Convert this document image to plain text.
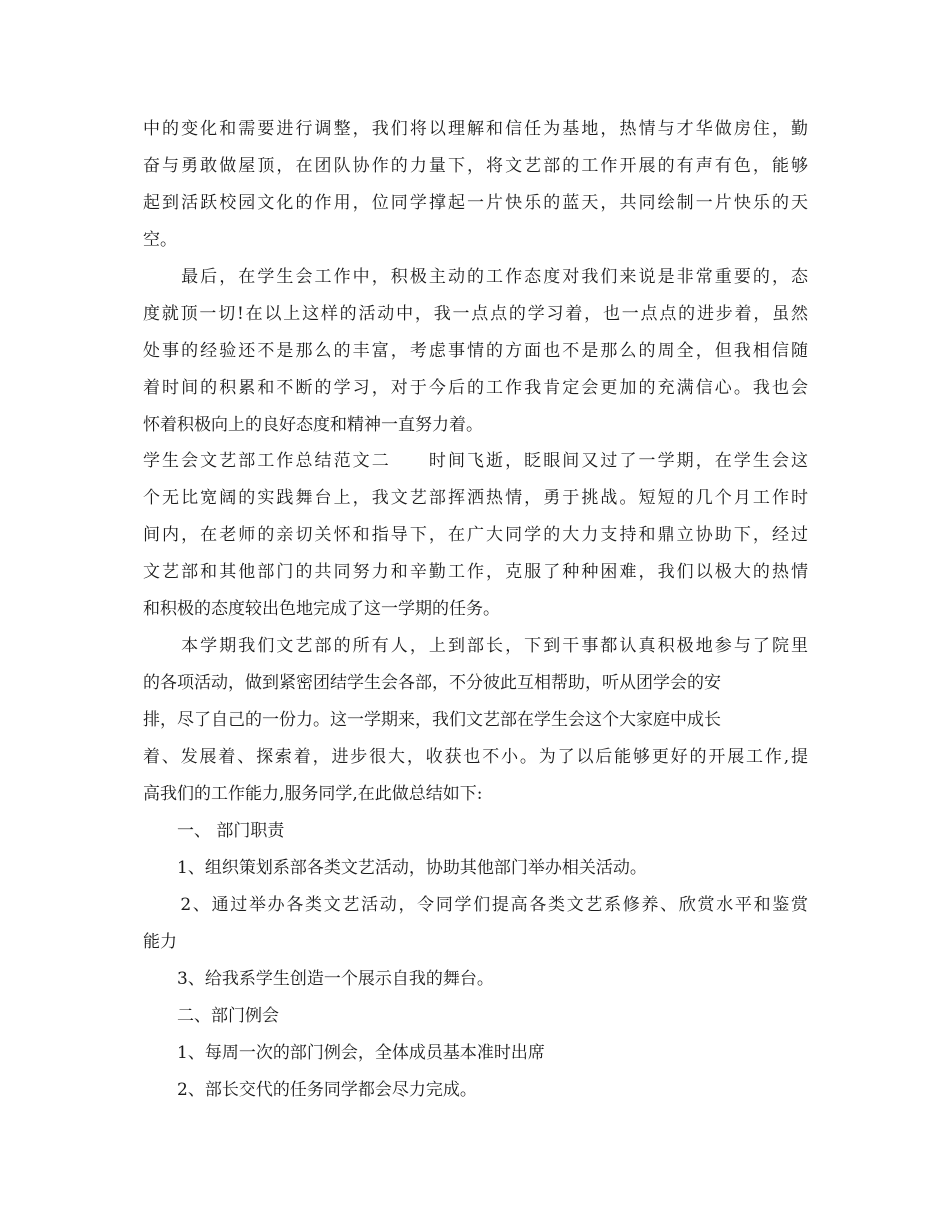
中的变化和需要进行调整，我们将以理解和信任为基地，热情与才华做房住，勤
奋与勇敢做屋顶，在团队协作的力量下，将文艺部的工作开展的有声有色，能够
起到活跃校园文化的作用，位同学撑起一片快乐的蓝天，共同绘制一片快乐的天
空。
　　最后，在学生会工作中，积极主动的工作态度对我们来说是非常重要的，态
度就顶一切!在以上这样的活动中，我一点点的学习着，也一点点的进步着，虽然
处事的经验还不是那么的丰富，考虑事情的方面也不是那么的周全，但我相信随
着时间的积累和不断的学习，对于今后的工作我肯定会更加的充满信心。我也会
怀着积极向上的良好态度和精神一直努力着。
学生会文艺部工作总结范文二　　时间飞逝，眨眼间又过了一学期，在学生会这
个无比宽阔的实践舞台上，我文艺部挥洒热情，勇于挑战。短短的几个月工作时
间内，在老师的亲切关怀和指导下，在广大同学的大力支持和鼎立协助下，经过
文艺部和其他部门的共同努力和辛勤工作，克服了种种困难，我们以极大的热情
和积极的态度较出色地完成了这一学期的任务。
　　本学期我们文艺部的所有人，上到部长，下到干事都认真积极地参与了院里
的各项活动，做到紧密团结学生会各部，不分彼此互相帮助，听从团学会的安
排，尽了自己的一份力。这一学期来，我们文艺部在学生会这个大家庭中成长
着、发展着、探索着，进步很大，收获也不小。为了以后能够更好的开展工作,提
高我们的工作能力,服务同学,在此做总结如下:
　　一、 部门职责
　　1、组织策划系部各类文艺活动，协助其他部门举办相关活动。
　　2、通过举办各类文艺活动，令同学们提高各类文艺系修养、欣赏水平和鉴赏
能力
　　3、给我系学生创造一个展示自我的舞台。
　　二、部门例会
　　1、每周一次的部门例会，全体成员基本准时出席
　　2、部长交代的任务同学都会尽力完成。
